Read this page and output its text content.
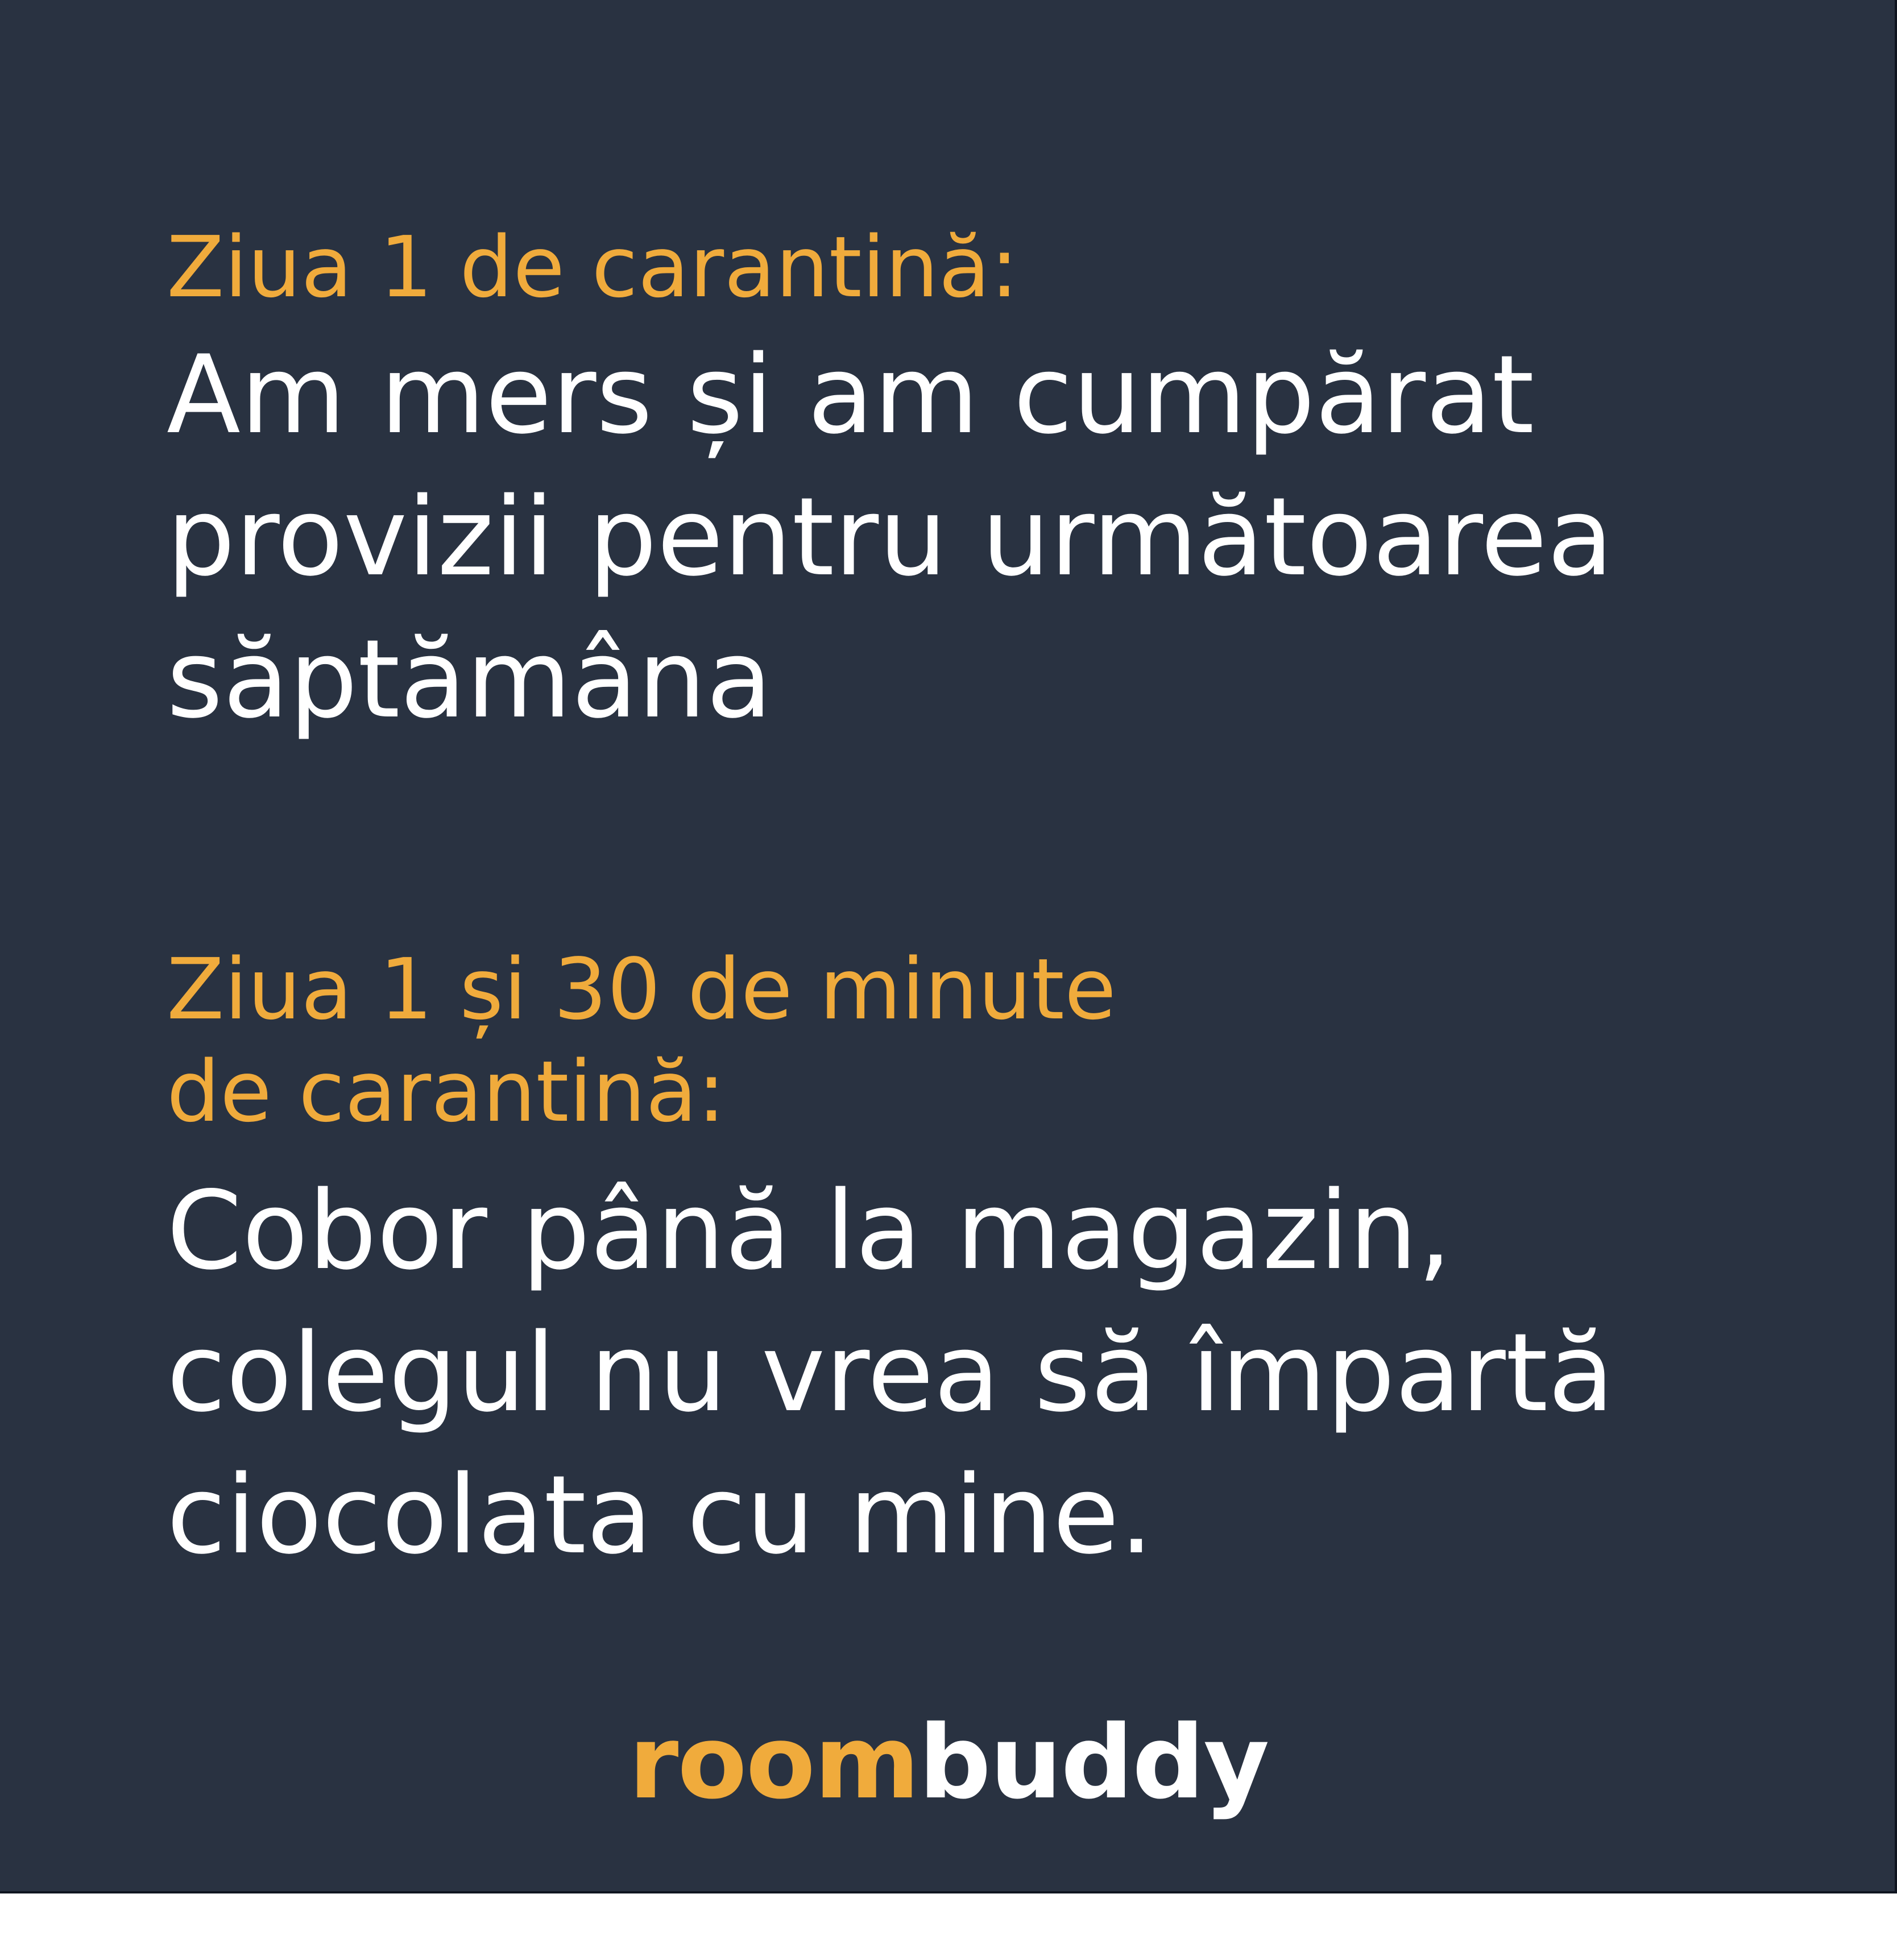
Ziua 1 de carantină:

Am mers și am cumpărat
provizii pentru următoarea
săptămâna

Ziua 1 și 30 de minute
de carantină:

Cobor până la magazin,
colegul nu vrea să împartă
ciocolata cu mine.

roombuddy
